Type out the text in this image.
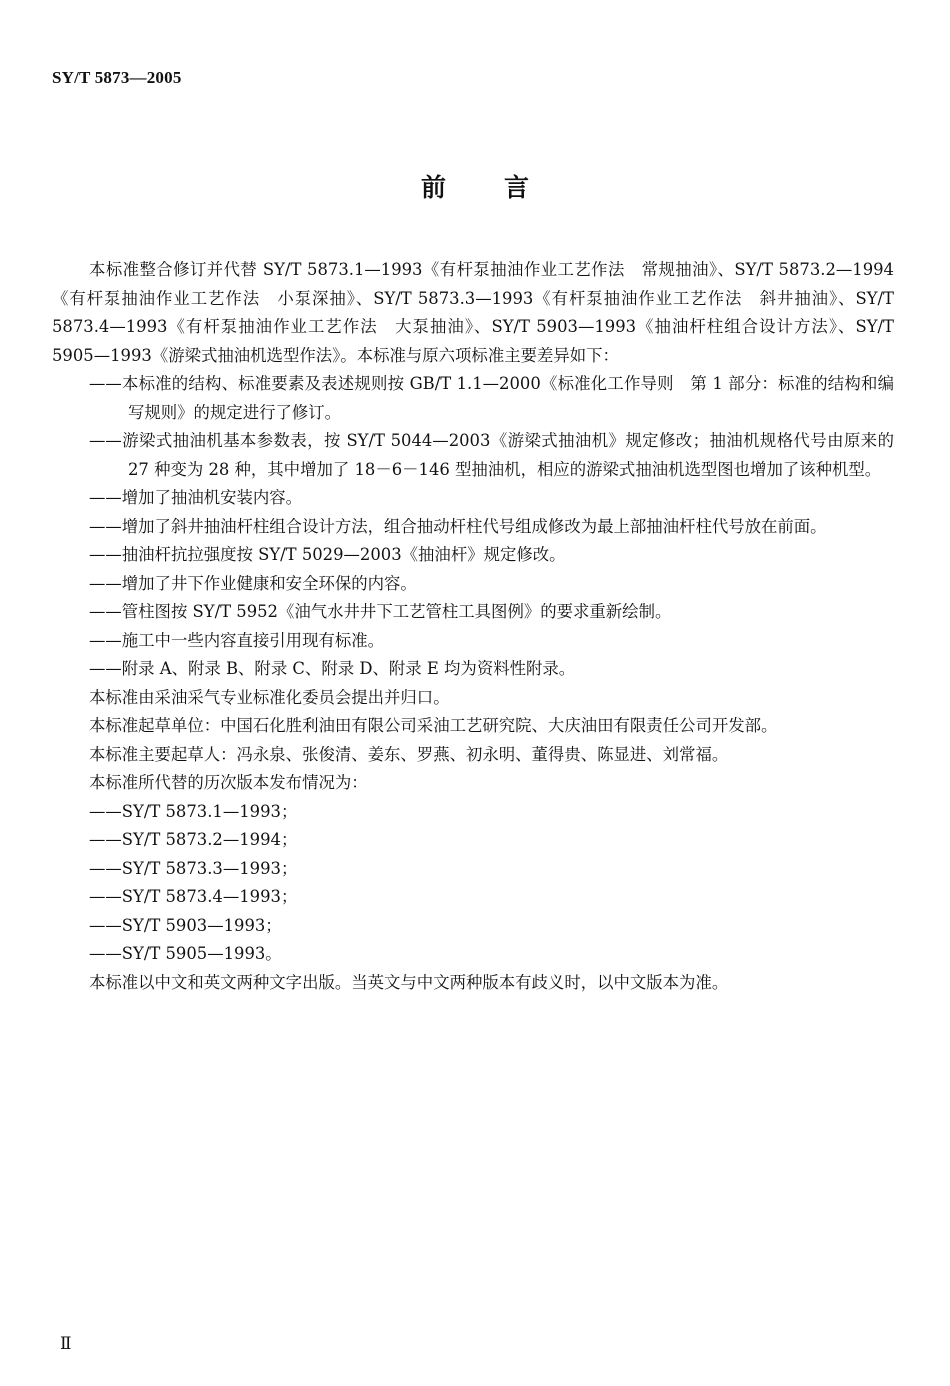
SY/T 5873—2005
前言

本标准整合修订并代替 SY/T 5873.1—1993《有杆泵抽油作业工艺作法　常规抽油》、SY/T 5873.2—1994《有杆泵抽油作业工艺作法　小泵深抽》、SY/T 5873.3—1993《有杆泵抽油作业工艺作法　斜井抽油》、SY/T 5873.4—1993《有杆泵抽油作业工艺作法　大泵抽油》、SY/T 5903—1993《抽油杆柱组合设计方法》、SY/T 5905—1993《游梁式抽油机选型作法》。本标准与原六项标准主要差异如下：

——本标准的结构、标准要素及表述规则按 GB/T 1.1—2000《标准化工作导则　第 1 部分：标准的结构和编写规则》的规定进行了修订。

——游梁式抽油机基本参数表，按 SY/T 5044—2003《游梁式抽油机》规定修改；抽油机规格代号由原来的 27 种变为 28 种，其中增加了 18－6－146 型抽油机，相应的游梁式抽油机选型图也增加了该种机型。

——增加了抽油机安装内容。

——增加了斜井抽油杆柱组合设计方法，组合抽动杆柱代号组成修改为最上部抽油杆柱代号放在前面。

——抽油杆抗拉强度按 SY/T 5029—2003《抽油杆》规定修改。

——增加了井下作业健康和安全环保的内容。

——管柱图按 SY/T 5952《油气水井井下工艺管柱工具图例》的要求重新绘制。

——施工中一些内容直接引用现有标准。

——附录 A、附录 B、附录 C、附录 D、附录 E 均为资料性附录。

本标准由采油采气专业标准化委员会提出并归口。

本标准起草单位：中国石化胜利油田有限公司采油工艺研究院、大庆油田有限责任公司开发部。

本标准主要起草人：冯永泉、张俊清、姜东、罗燕、初永明、董得贵、陈显进、刘常福。

本标准所代替的历次版本发布情况为：

——SY/T 5873.1—1993；

——SY/T 5873.2—1994；

——SY/T 5873.3—1993；

——SY/T 5873.4—1993；

——SY/T 5903—1993；

——SY/T 5905—1993。

本标准以中文和英文两种文字出版。当英文与中文两种版本有歧义时，以中文版本为准。

Ⅱ
